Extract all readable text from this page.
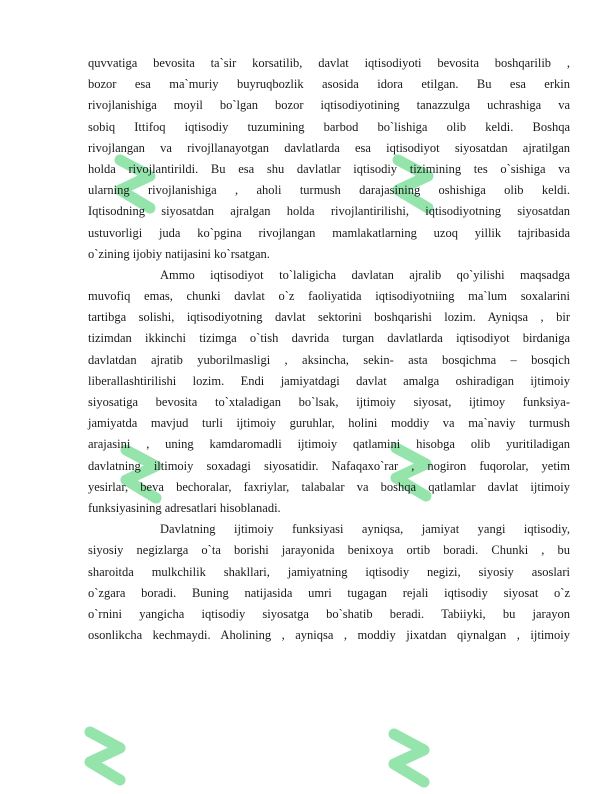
quvvatiga bevosita ta`sir korsatilib, davlat iqtisodiyoti bevosita boshqarilib ,
bozor esa ma`muriy buyruqbozlik asosida idora etilgan. Bu esa erkin
rivojlanishiga moyil bo`lgan bozor iqtisodiyotining tanazzulga uchrashiga va
sobiq Ittifoq iqtisodiy tuzumining barbod bo`lishiga olib keldi. Boshqa
rivojlangan va rivojllanayotgan davlatlarda esa iqtisodiyot siyosatdan ajratilgan
holda rivojlantirildi. Bu esa shu davlatlar iqtisodiy tizimining tes o`sishiga va
ularning rivojlanishiga , aholi turmush darajasining oshishiga olib keldi.
Iqtisodning siyosatdan ajralgan holda rivojlantirilishi, iqtisodiyotning siyosatdan
ustuvorligi juda ko`pgina rivojlangan mamlakatlarning uzoq yillik tajribasida
o`zining ijobiy natijasini ko`rsatgan.
Ammo iqtisodiyot to`laligicha davlatan ajralib qo`yilishi maqsadga
muvofiq emas, chunki davlat o`z faoliyatida iqtisodiyotniing ma`lum soxalarini
tartibga solishi, iqtisodiyotning davlat sektorini boshqarishi lozim. Ayniqsa , bir
tizimdan ikkinchi tizimga o`tish davrida turgan davlatlarda iqtisodiyot birdaniga
davlatdan ajratib yuborilmasligi , aksincha, sekin- asta bosqichma – bosqich
liberallashtirilishi lozim. Endi jamiyatdagi davlat amalga oshiradigan ijtimoiy
siyosatiga bevosita to`xtaladigan bo`lsak, ijtimoiy siyosat, ijtimoy funksiya-
jamiyatda mavjud turli ijtimoiy guruhlar, holini moddiy va ma`naviy turmush
arajasini , uning kamdaromadli ijtimoiy qatlamini hisobga olib yuritiladigan
davlatning iltimoiy soxadagi siyosatidir. Nafaqaxo`rar , nogiron fuqorolar, yetim
yesirlar, beva bechoralar, faxriylar, talabalar va boshqa qatlamlar davlat ijtimoiy
funksiyasining adresatlari hisoblanadi.
Davlatning ijtimoiy funksiyasi ayniqsa, jamiyat yangi iqtisodiy,
siyosiy negizlarga o`ta borishi jarayonida benixoya ortib boradi. Chunki , bu
sharoitda mulkchilik shakllari, jamiyatning iqtisodiy negizi, siyosiy asoslari
o`zgara boradi. Buning natijasida umri tugagan rejali iqtisodiy siyosat o`z
o`rnini yangicha iqtisodiy siyosatga bo`shatib beradi. Tabiiyki, bu jarayon
osonlikcha kechmaydi. Aholining , ayniqsa , moddiy jixatdan qiynalgan , ijtimoiy
